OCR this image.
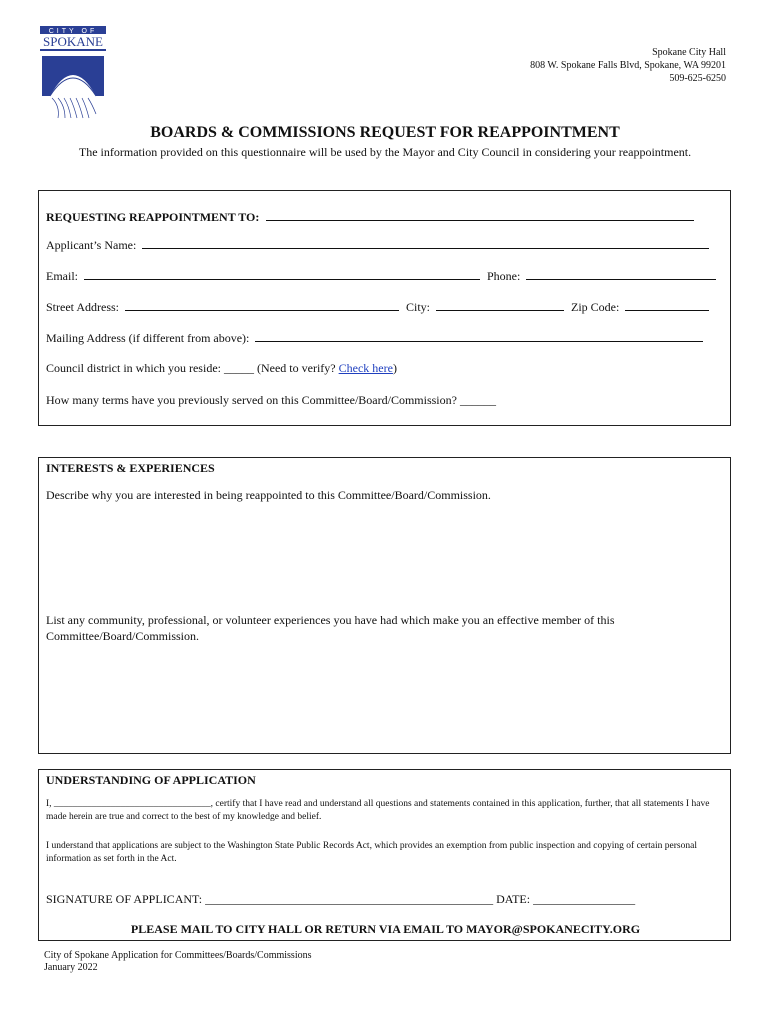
CITY OF
SPOKANE
Spokane City Hall
808 W. Spokane Falls Blvd, Spokane, WA 99201
509-625-6250
BOARDS & COMMISSIONS REQUEST FOR REAPPOINTMENT
The information provided on this questionnaire will be used by the Mayor and City Council in considering your reappointment.
REQUESTING REAPPOINTMENT TO:
Applicant’s Name:
Email:	Phone:
Street Address:	City:	Zip Code:
Mailing Address (if different from above):
Council district in which you reside: _____ (Need to verify? Check here)
How many terms have you previously served on this Committee/Board/Commission? ______
INTERESTS & EXPERIENCES
Describe why you are interested in being reappointed to this Committee/Board/Commission.
List any community, professional, or volunteer experiences you have had which make you an effective member of this
Committee/Board/Commission.
UNDERSTANDING OF APPLICATION
I, _________________________________, certify that I have read and understand all questions and statements contained in this application, further, that all statements I have made herein are true and correct to the best of my knowledge and belief.
I understand that applications are subject to the Washington State Public Records Act, which provides an exemption from public inspection and copying of certain personal information as set forth in the Act.
SIGNATURE OF APPLICANT: ________________________________________________ DATE: _________________
PLEASE MAIL TO CITY HALL OR RETURN VIA EMAIL TO MAYOR@SPOKANECITY.ORG
City of Spokane Application for Committees/Boards/Commissions
January 2022
